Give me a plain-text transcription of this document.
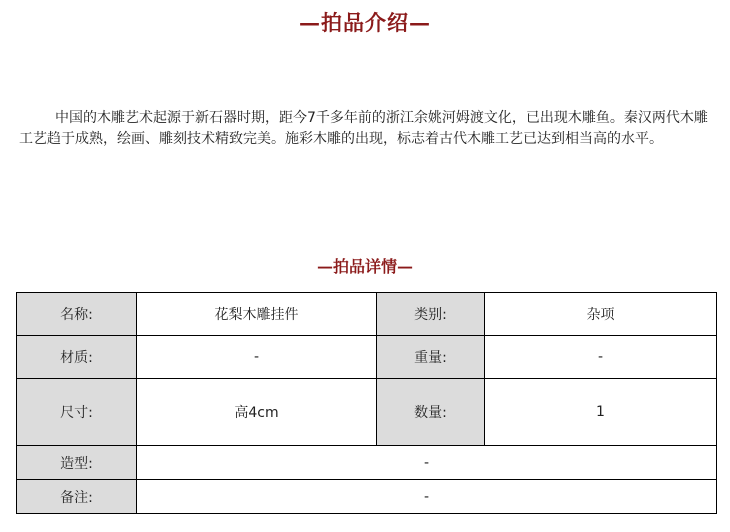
—拍品介绍—

中国的木雕艺术起源于新石器时期，距今7千多年前的浙江余姚河姆渡文化，已出现木雕鱼。秦汉两代木雕工艺趋于成熟，绘画、雕刻技术精致完美。施彩木雕的出现，标志着古代木雕工艺已达到相当高的水平。

—拍品详情—
名称:	花梨木雕挂件	类别:	杂项
材质:	-	重量:	-
尺寸:	高4cm	数量:	1
造型:	-		
备注:	-		
